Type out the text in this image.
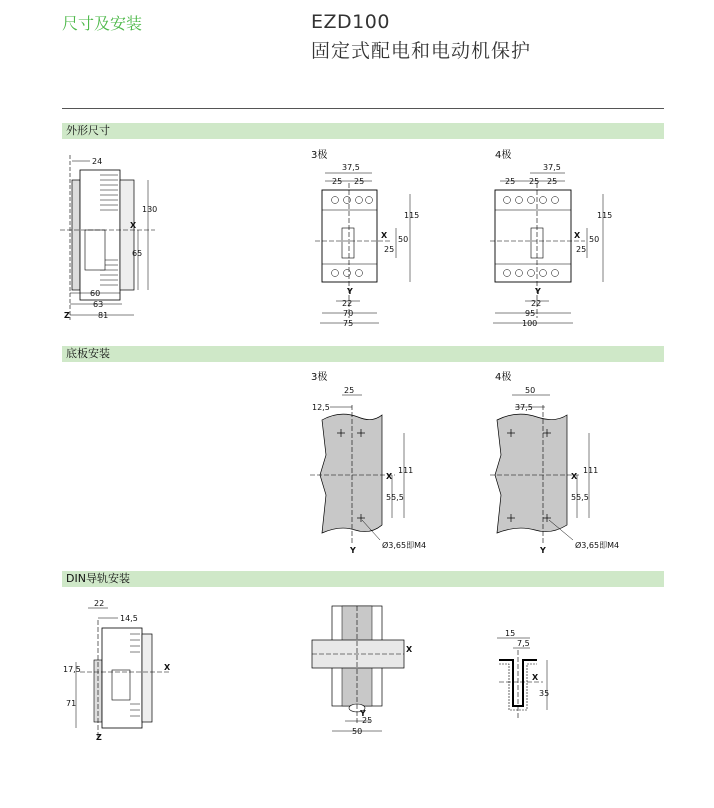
尺寸及安装	EZD100
固定式配电和电动机保护
外形尺寸
底板安装
DIN导轨安装
3极	4极
3极	4极
24
130
65
X
60
63
81
Z
37,5
25 25
115
50
25
X
Y
22
70
75
37,5
25 25 25
115
50
25
X
Y
22
95
100
25
12,5
111
55,5
X
Y
Ø3,65即M4
50
37,5
111
55,5
X
Y
Ø3,65即M4
22
14,5
X
17,5
71
Z
X
Y
25
50
15
7,5
X
35
